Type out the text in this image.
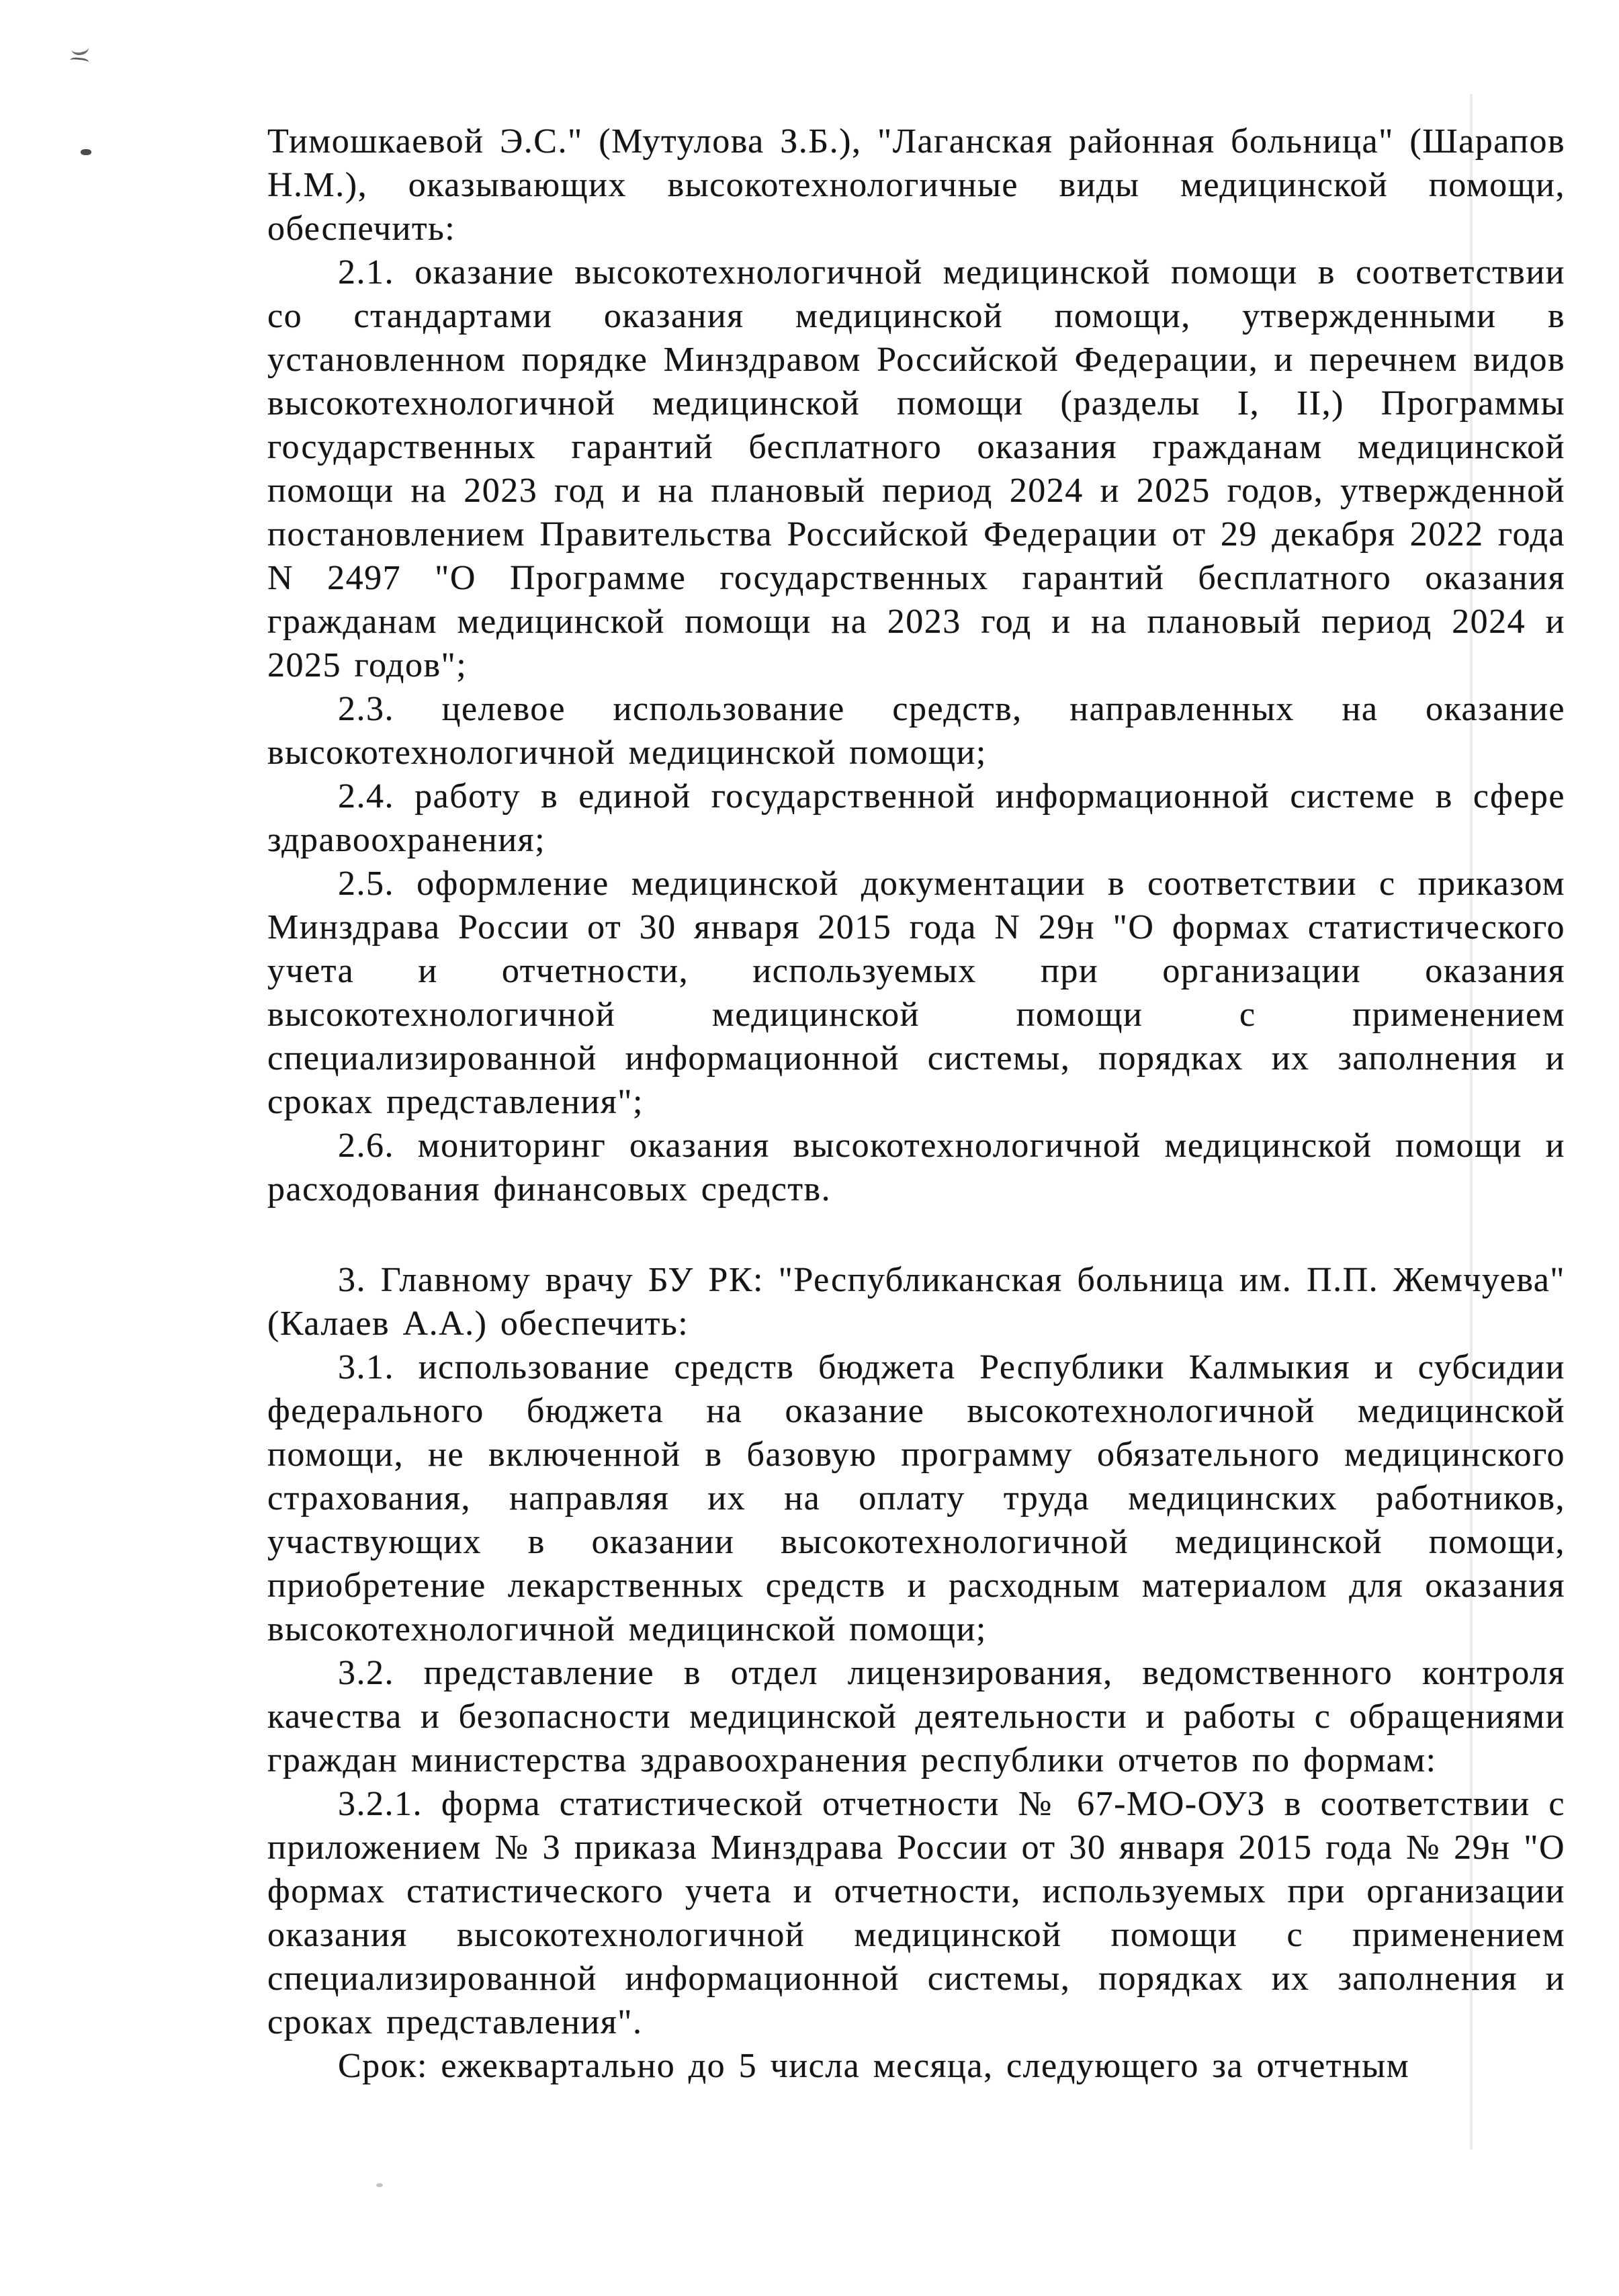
Тимошкаевой Э.С." (Мутулова З.Б.), "Лаганская районная больница" (Шарапов Н.М.), оказывающих высокотехнологичные виды медицинской помощи, обеспечить:

2.1. оказание высокотехнологичной медицинской помощи в соответствии со стандартами оказания медицинской помощи, утвержденными в установленном порядке Минздравом Российской Федерации, и перечнем видов высокотехнологичной медицинской помощи (разделы I, II,) Программы государственных гарантий бесплатного оказания гражданам медицинской помощи на 2023 год и на плановый период 2024 и 2025 годов, утвержденной постановлением Правительства Российской Федерации от 29 декабря 2022 года N 2497 "О Программе государственных гарантий бесплатного оказания гражданам медицинской помощи на 2023 год и на плановый период 2024 и 2025 годов";

2.3. целевое использование средств, направленных на оказание высокотехнологичной медицинской помощи;

2.4. работу в единой государственной информационной системе в сфере здравоохранения;

2.5. оформление медицинской документации в соответствии с приказом Минздрава России от 30 января 2015 года N 29н "О формах статистического учета и отчетности, используемых при организации оказания высокотехнологичной медицинской помощи с применением специализированной информационной системы, порядках их заполнения и сроках представления";

2.6. мониторинг оказания высокотехнологичной медицинской помощи и расходования финансовых средств.

3. Главному врачу БУ РК: "Республиканская больница им. П.П. Жемчуева" (Калаев А.А.) обеспечить:

3.1. использование средств бюджета Республики Калмыкия и субсидии федерального бюджета на оказание высокотехнологичной медицинской помощи, не включенной в базовую программу обязательного медицинского страхования, направляя их на оплату труда медицинских работников, участвующих в оказании высокотехнологичной медицинской помощи, приобретение лекарственных средств и расходным материалом для оказания высокотехнологичной медицинской помощи;

3.2. представление в отдел лицензирования, ведомственного контроля качества и безопасности медицинской деятельности и работы с обращениями граждан министерства здравоохранения республики отчетов по формам:

3.2.1. форма статистической отчетности № 67-МО-ОУЗ в соответствии с приложением № 3 приказа Минздрава России от 30 января 2015 года № 29н "О формах статистического учета и отчетности, используемых при организации оказания высокотехнологичной медицинской помощи с применением специализированной информационной системы, порядках их заполнения и сроках представления".

Срок: ежеквартально до 5 числа месяца, следующего за отчетным
